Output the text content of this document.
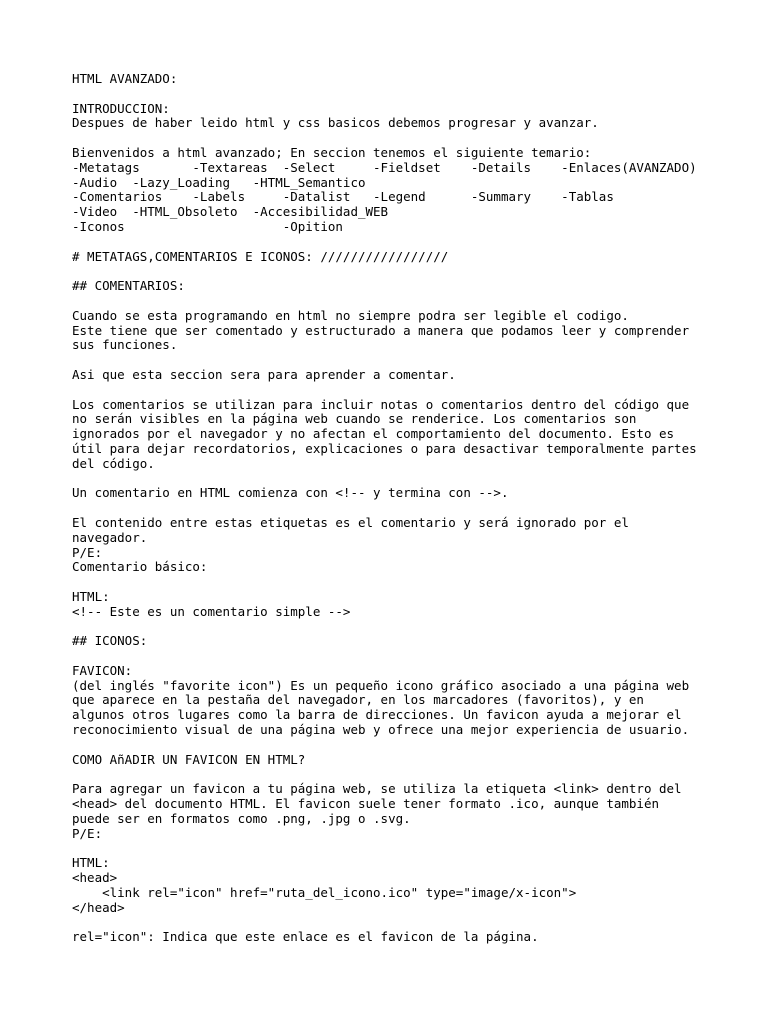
HTML AVANZADO:

INTRODUCCION:
Despues de haber leido html y css basicos debemos progresar y avanzar.

Bienvenidos a html avanzado; En seccion tenemos el siguiente temario:
-Metatags       -Textareas  -Select     -Fieldset    -Details    -Enlaces(AVANZADO)
-Audio  -Lazy_Loading   -HTML_Semantico
-Comentarios    -Labels     -Datalist   -Legend      -Summary    -Tablas
-Video  -HTML_Obsoleto  -Accesibilidad_WEB
-Iconos                     -Opition

# METATAGS,COMENTARIOS E ICONOS: /////////////////

## COMENTARIOS:

Cuando se esta programando en html no siempre podra ser legible el codigo.
Este tiene que ser comentado y estructurado a manera que podamos leer y comprender
sus funciones.

Asi que esta seccion sera para aprender a comentar.

Los comentarios se utilizan para incluir notas o comentarios dentro del código que
no serán visibles en la página web cuando se renderice. Los comentarios son
ignorados por el navegador y no afectan el comportamiento del documento. Esto es
útil para dejar recordatorios, explicaciones o para desactivar temporalmente partes
del código.

Un comentario en HTML comienza con <!-- y termina con -->.

El contenido entre estas etiquetas es el comentario y será ignorado por el
navegador.
P/E:
Comentario básico:

HTML:
<!-- Este es un comentario simple -->

## ICONOS:

FAVICON:
(del inglés "favorite icon") Es un pequeño icono gráfico asociado a una página web
que aparece en la pestaña del navegador, en los marcadores (favoritos), y en
algunos otros lugares como la barra de direcciones. Un favicon ayuda a mejorar el
reconocimiento visual de una página web y ofrece una mejor experiencia de usuario.

COMO AñADIR UN FAVICON EN HTML?

Para agregar un favicon a tu página web, se utiliza la etiqueta <link> dentro del
<head> del documento HTML. El favicon suele tener formato .ico, aunque también
puede ser en formatos como .png, .jpg o .svg.
P/E:

HTML:
<head>
<link rel="icon" href="ruta_del_icono.ico" type="image/x-icon">
</head>

rel="icon": Indica que este enlace es el favicon de la página.
